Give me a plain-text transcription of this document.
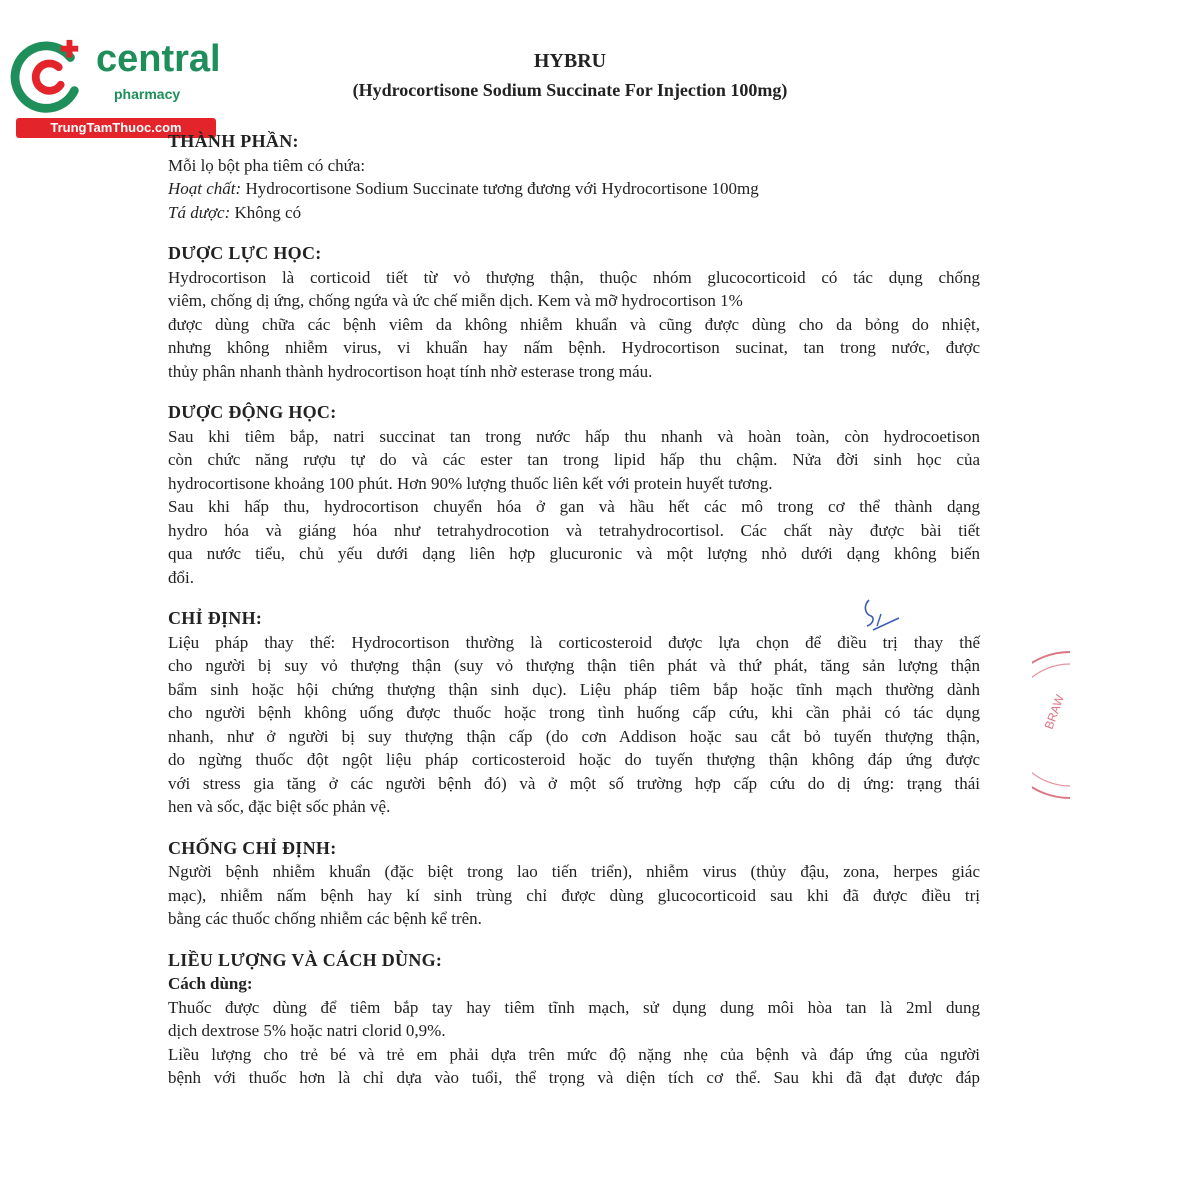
central
pharmacy
TrungTamThuoc.com
HYBRU
(Hydrocortisone Sodium Succinate For Injection 100mg)

THÀNH PHẦN:

Mỗi lọ bột pha tiêm có chứa:

Hoạt chất: Hydrocortisone Sodium Succinate tương đương với Hydrocortisone 100mg

Tá dược: Không có

DƯỢC LỰC HỌC:

Hydrocortison là corticoid tiết từ vỏ thượng thận, thuộc nhóm glucocorticoid có tác dụng chống

viêm, chống dị ứng, chống ngứa và ức chế miễn dịch. Kem và mỡ hydrocortison 1%

được dùng chữa các bệnh viêm da không nhiễm khuẩn và cũng được dùng cho da bỏng do nhiệt,

nhưng không nhiễm virus, vi khuẩn hay nấm bệnh. Hydrocortison sucinat, tan trong nước, được

thủy phân nhanh thành hydrocortison hoạt tính nhờ esterase trong máu.

DƯỢC ĐỘNG HỌC:

Sau khi tiêm bắp, natri succinat tan trong nước hấp thu nhanh và hoàn toàn, còn hydrocoetison

còn chức năng rượu tự do và các ester tan trong lipid hấp thu chậm. Nửa đời sinh học của

hydrocortisone khoảng 100 phút. Hơn 90% lượng thuốc liên kết với protein huyết tương.

Sau khi hấp thu, hydrocortison chuyển hóa ở gan và hầu hết các mô trong cơ thể thành dạng

hydro hóa và giáng hóa như tetrahydrocotion và tetrahydrocortisol. Các chất này được bài tiết

qua nước tiểu, chủ yếu dưới dạng liên hợp glucuronic và một lượng nhỏ dưới dạng không biến

đổi.

CHỈ ĐỊNH:

Liệu pháp thay thế: Hydrocortison thường là corticosteroid được lựa chọn để điều trị thay thế

cho người bị suy vỏ thượng thận (suy vỏ thượng thận tiên phát và thứ phát, tăng sản lượng thận

bẩm sinh hoặc hội chứng thượng thận sinh dục). Liệu pháp tiêm bắp hoặc tĩnh mạch thường dành

cho người bệnh không uống được thuốc hoặc trong tình huống cấp cứu, khi cần phải có tác dụng

nhanh, như ở người bị suy thượng thận cấp (do cơn Addison hoặc sau cắt bỏ tuyến thượng thận,

do ngừng thuốc đột ngột liệu pháp corticosteroid hoặc do tuyến thượng thận không đáp ứng được

với stress gia tăng ở các người bệnh đó) và ở một số trường hợp cấp cứu do dị ứng: trạng thái

hen và sốc, đặc biệt sốc phản vệ.

CHỐNG CHỈ ĐỊNH:

Người bệnh nhiễm khuẩn (đặc biệt trong lao tiến triển), nhiễm virus (thủy đậu, zona, herpes giác

mạc), nhiễm nấm bệnh hay kí sinh trùng chỉ được dùng glucocorticoid sau khi đã được điều trị

bằng các thuốc chống nhiễm các bệnh kể trên.

LIỀU LƯỢNG VÀ CÁCH DÙNG:

Cách dùng:

Thuốc được dùng để tiêm bắp tay hay tiêm tĩnh mạch, sử dụng dung môi hòa tan là 2ml dung

dịch dextrose 5% hoặc natri clorid 0,9%.

Liều lượng cho trẻ bé và trẻ em phải dựa trên mức độ nặng nhẹ của bệnh và đáp ứng của người

bệnh với thuốc hơn là chỉ dựa vào tuổi, thể trọng và diện tích cơ thể. Sau khi đã đạt được đáp

BRAW
